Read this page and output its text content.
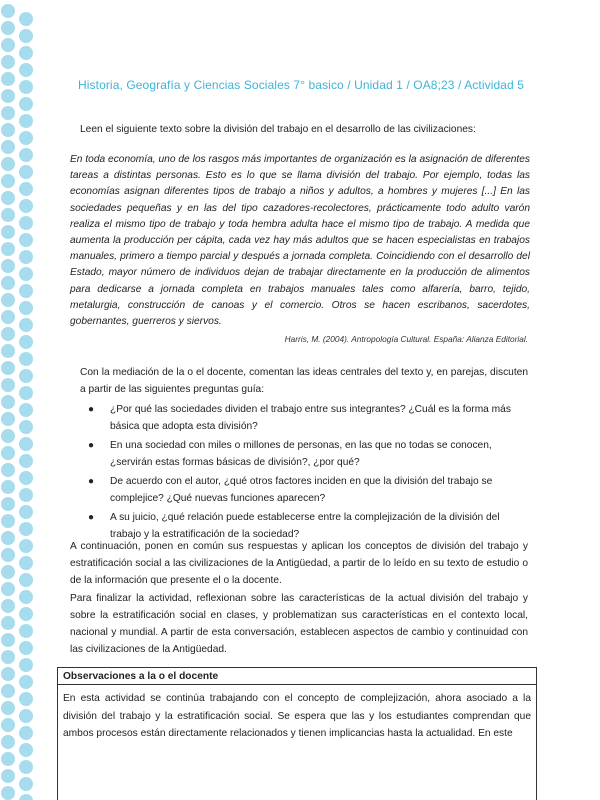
Historia, Geografía y Ciencias Sociales 7° basico / Unidad 1 / OA8;23 / Actividad 5
Leen el siguiente texto sobre la división del trabajo en el desarrollo de las civilizaciones:
En toda economía, uno de los rasgos más importantes de organización es la asignación de diferentes tareas a distintas personas. Esto es lo que se llama división del trabajo. Por ejemplo, todas las economías asignan diferentes tipos de trabajo a niños y adultos, a hombres y mujeres [...] En las sociedades pequeñas y en las del tipo cazadores-recolectores, prácticamente todo adulto varón realiza el mismo tipo de trabajo y toda hembra adulta hace el mismo tipo de trabajo. A medida que aumenta la producción per cápita, cada vez hay más adultos que se hacen especialistas en trabajos manuales, primero a tiempo parcial y después a jornada completa. Coincidiendo con el desarrollo del Estado, mayor número de individuos dejan de trabajar directamente en la producción de alimentos para dedicarse a jornada completa en trabajos manuales tales como alfarería, barro, tejido, metalurgia, construcción de canoas y el comercio. Otros se hacen escribanos, sacerdotes, gobernantes, guerreros y siervos.
Harris, M. (2004). Antropología Cultural. España: Alianza Editorial.
Con la mediación de la o el docente, comentan las ideas centrales del texto y, en parejas, discuten a partir de las siguientes preguntas guía:
● ¿Por qué las sociedades dividen el trabajo entre sus integrantes? ¿Cuál es la forma más básica que adopta esta división?
● En una sociedad con miles o millones de personas, en las que no todas se conocen, ¿servirán estas formas básicas de división?, ¿por qué?
● De acuerdo con el autor, ¿qué otros factores inciden en que la división del trabajo se complejice? ¿Qué nuevas funciones aparecen?
● A su juicio, ¿qué relación puede establecerse entre la complejización de la división del trabajo y la estratificación de la sociedad?
A continuación, ponen en común sus respuestas y aplican los conceptos de división del trabajo y estratificación social a las civilizaciones de la Antigüedad, a partir de lo leído en su texto de estudio o de la información que presente el o la docente.
Para finalizar la actividad, reflexionan sobre las características de la actual división del trabajo y sobre la estratificación social en clases, y problematizan sus características en el contexto local, nacional y mundial. A partir de esta conversación, establecen aspectos de cambio y continuidad con las civilizaciones de la Antigüedad.
Observaciones a la o el docente
En esta actividad se continúa trabajando con el concepto de complejización, ahora asociado a la división del trabajo y la estratificación social. Se espera que las y los estudiantes comprendan que ambos procesos están directamente relacionados y tienen implicancias hasta la actualidad. En este
